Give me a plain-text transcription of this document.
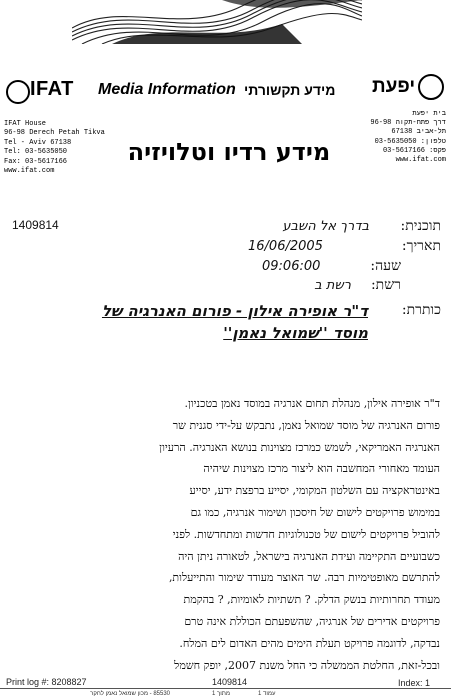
IFAT Media Information מידע תקשורתי יפעת
IFAT House
96-98 Derech Petah Tikva
Tel - Aviv 67138
Tel: 03-5635050
Fax: 03-5617166
www.ifat.com
בית יפעת
דרך פתח-תקוה 96-98
תל-אביב 67138
טלפון: 03-5635050
פקס: 03-5617166
www.ifat.com
מידע רדיו וטלויזיה
1409814	תוכנית:
בדרך אל השבע
תאריך:
16/06/2005
שעה:
09:06:00
רשת:
רשת ב
כותרת:
ד"ר אופירה אילון - פורום האנרגיה של
מוסד ''שמואל נאמן''
ד"ר אופירה אילון, מנהלת תחום אנרגיה במוסד נאמן בטכניון.
פורום האנרגיה של מוסד שמואל נאמן, נתבקש על-ידי סגנית שר
האנרגיה האמריקאי, לשמש כמרכז מצוינות בנושא האנרגיה. הרעיון
העומד מאחורי המחשבה הוא ליצור מרכז מצוינות שיהיה
באינטראקציה עם השלטון המקומי, יסייע ברפצת ידע, יסייע
במימוש פרויקטים לישום של חיסכון ושימור אנרגיה, כמו גם
להוביל פרויקטים לישום של טכנולוגיות חדשות ומתחדשות. לפני
כשבועיים התקיימה ועידת האנרגיה בישראל, לטאורה ניתן היה
להתרשם מאופטימיות רבה. שר האוצר מעודד שימור והתייעלות,
מעודד תחרותיות בנשק הדלק. ? תשתיות לאומיות, ? בהקמת
פרויקטים אדירים של אנרגיה, שהשפעתם הכוללת אינה טרם
נבדקה, לדוגמה פרויקט תעלת הימים מהים האדום לים המלח.
ובכל-זאת, החלטת הממשלה כי החל משנת 2007, יופק חשמל
Print log #: 8208827	1409814	Index: 1
85530 - מכון שמואל נאמן לחקר	מתוך 1	עמוד 1
